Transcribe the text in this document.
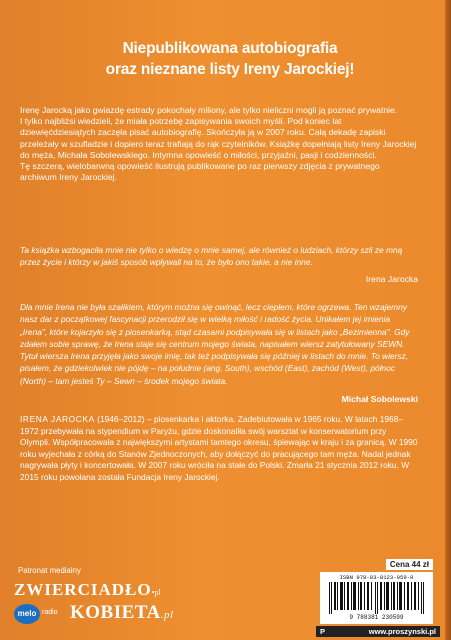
Niepublikowana autobiografia
oraz nieznane listy Ireny Jarockiej!

Irenę Jarocką jako gwiazdę estrady pokochały miliony, ale tylko nieliczni mogli ją poznać prywatnie.

I tylko najbliżsi wiedzieli, że miała potrzebę zapisywania swoich myśli. Pod koniec lat dziewięćdziesiątych zaczęła pisać autobiografię. Skończyła ją w 2007 roku. Całą dekadę zapiski przeleżały w szufladzie i dopiero teraz trafiają do rąk czytelników. Książkę dopełniają listy Ireny Jarockiej do męża, Michała Sobolewskiego. Intymna opowieść o miłości, przyjaźni, pasji i codzienności.

Tę szczerą, wielobarwną opowieść ilustrują publikowane po raz pierwszy zdjęcia z prywatnego archiwum Ireny Jarockiej.

Ta książka wzbogaciła mnie nie tylko o wiedzę o mnie samej, ale również o ludziach, którzy szli ze mną przez życie i którzy w jakiś sposób wpływali na to, że było ono takie, a nie inne.

Irena Jarocka

Dla mnie Irena nie była szalikiem, którym można się owinąć, lecz ciepłem, które ogrzewa. Ten wzajemny nasz dar z początkowej fascynacji przerodził się w wielką miłość i radość życia. Unikałem jej imienia „Irena", które kojarzyło się z piosenkarką, stąd czasami podpisywała się w listach jako „Bezimienna". Gdy zdałem sobie sprawę, że Irena staje się centrum mojego świata, napisałem wiersz zatytułowany SEWN. Tytuł wiersza Irena przyjęła jako swoje imię, tak też podpisywała się później w listach do mnie. To wiersz, pisałem, że gdziekolwiek nie pójdę – na południe (ang. South), wschód (East), zachód (West), północ (North) – tam jesteś Ty – Sewn – środek mojego świata.

Michał Sobolewski

IRENA JAROCKA (1946–2012) – piosenkarka i aktorka. Zadebiutowała w 1965 roku. W latach 1968–1972 przebywała na stypendium w Paryżu, gdzie doskonaliła swój warsztat w konserwatorium przy Olympii. Współpracowała z największymi artystami tamtego okresu, śpiewając w kraju i za granicą. W 1990 roku wyjechała z córką do Stanów Zjednoczonych, aby dołączyć do pracującego tam męża. Nadal jednak nagrywała płyty i koncertowała. W 2007 roku wróciła na stałe do Polski. Zmarła 21 stycznia 2012 roku. W 2015 roku powołana została Fundacja Ireny Jarockiej.

Patronat medialny
ZWIERCIADŁO•pl
melo radio KOBIETA.pl
Cena 44 zł
ISBN 978-83-8123-059-9
9 788381 230599
P	www.proszynski.pl
